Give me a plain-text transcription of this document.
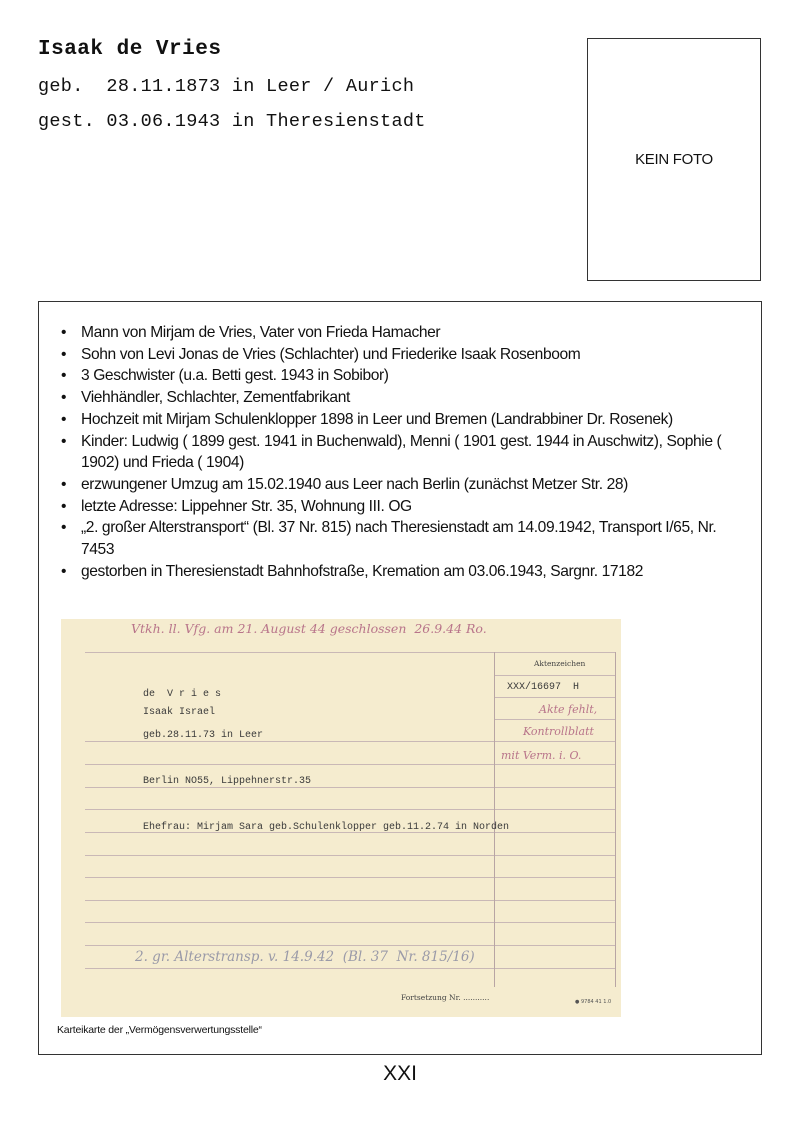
Isaak de Vries
geb.  28.11.1873 in Leer / Aurich
gest. 03.06.1943 in Theresienstadt
KEIN FOTO
• Mann von Mirjam de Vries, Vater von Frieda Hamacher
• Sohn von Levi Jonas de Vries (Schlachter) und Friederike Isaak Rosenboom
• 3 Geschwister (u.a. Betti gest. 1943 in Sobibor)
• Viehhändler, Schlachter, Zementfabrikant
• Hochzeit mit Mirjam Schulenklopper 1898 in Leer und Bremen (Landrabbiner Dr. Rosenek)
• Kinder: Ludwig ( 1899 gest. 1941 in Buchenwald), Menni ( 1901 gest. 1944 in Auschwitz), Sophie ( 1902) und Frieda ( 1904)
• erzwungener Umzug am 15.02.1940 aus Leer nach Berlin (zunächst Metzer Str. 28)
• letzte Adresse: Lippehner Str. 35, Wohnung III. OG
• „2. großer Alterstransport“ (Bl. 37 Nr. 815) nach Theresienstadt am 14.09.1942, Transport I/65, Nr. 7453
• gestorben in Theresienstadt Bahnhofstraße, Kremation am 03.06.1943, Sargnr. 17182
Vtkh. ll. Vfg. am 21. August 44 geschlossen  26.9.44 Ro.
Aktenzeichen
XXX/16697  H
Akte fehlt,
Kontrollblatt
mit Verm. i. O.
de  V r i e s
Isaak Israel
geb.28.11.73 in Leer
Berlin NO55, Lippehnerstr.35
Ehefrau: Mirjam Sara geb.Schulenklopper geb.11.2.74 in Norden
2. gr. Alterstransp. v. 14.9.42  (Bl. 37  Nr. 815/16)
Fortsetzung Nr. ...........	● 9784 41 1.0
Karteikarte der „Vermögensverwertungsstelle“
XXI
